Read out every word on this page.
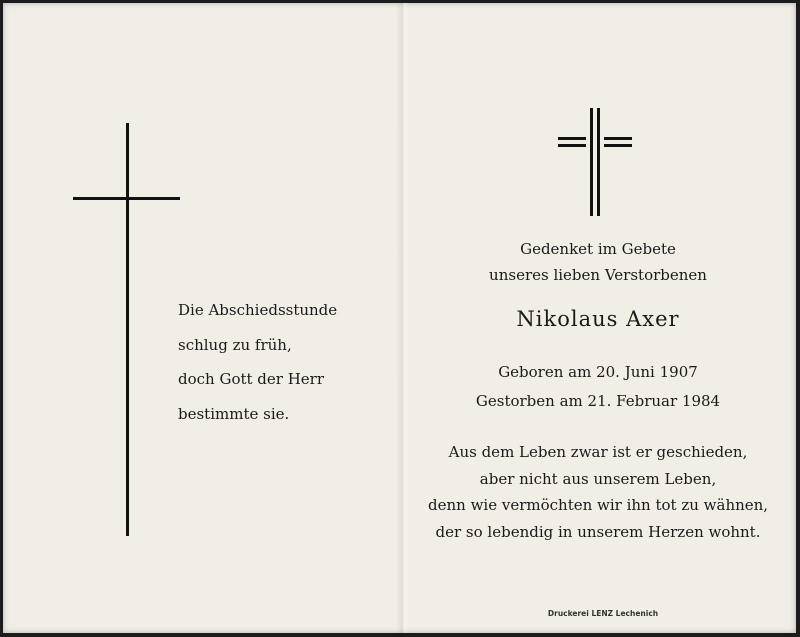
Die Abschiedsstunde
schlug zu früh,
doch Gott der Herr
bestimmte sie.
Gedenket im Gebete
unseres lieben Verstorbenen
Nikolaus Axer
Geboren am 20. Juni 1907
Gestorben am 21. Februar 1984
Aus dem Leben zwar ist er geschieden,
aber nicht aus unserem Leben,
denn wie vermöchten wir ihn tot zu wähnen,
der so lebendig in unserem Herzen wohnt.
Druckerei LENZ Lechenich
